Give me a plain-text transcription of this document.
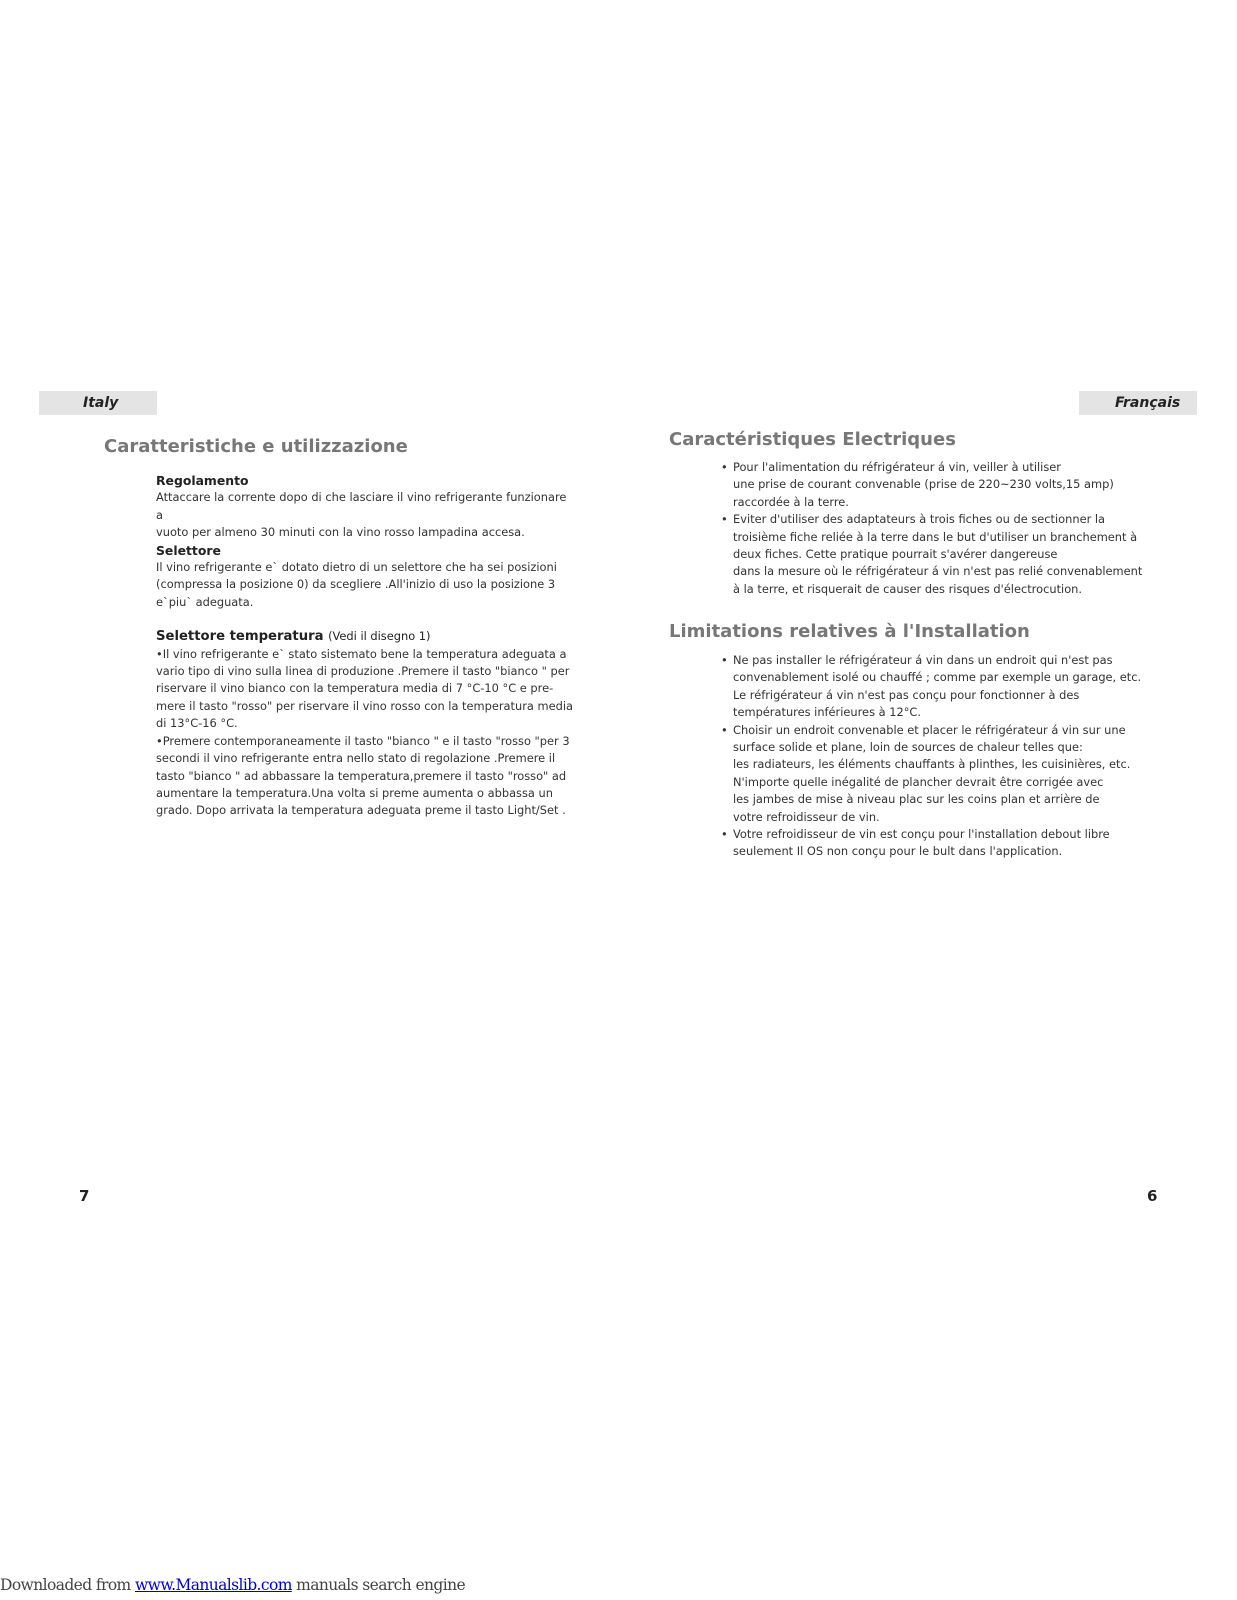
Italy
Caratteristiche e utilizzazione

Regolamento

Attaccare la corrente dopo di che lasciare il vino refrigerante funzionare a

vuoto per almeno 30 minuti con la vino rosso lampadina accesa.

Selettore

Il vino refrigerante e` dotato dietro di un selettore che ha sei posizioni

(compressa la posizione 0) da scegliere .All'inizio di uso la posizione 3

e`piu` adeguata.

Selettore temperatura (Vedi il disegno 1)

•Il vino refrigerante e` stato sistemato bene la temperatura adeguata a

vario tipo di vino sulla linea di produzione .Premere il tasto "bianco " per

riservare il vino bianco con la temperatura media di 7 °C-10 °C e pre-

mere il tasto "rosso" per riservare il vino rosso con la temperatura media

di 13°C-16 °C.

•Premere contemporaneamente il tasto "bianco " e il tasto "rosso "per 3

secondi il vino refrigerante entra nello stato di regolazione .Premere il

tasto "bianco " ad abbassare la temperatura,premere il tasto "rosso" ad

aumentare la temperatura.Una volta si preme aumenta o abbassa un

grado. Dopo arrivata la temperatura adeguata preme il tasto Light/Set .

7
Français
Caractéristiques Electriques

• Pour l'alimentation du réfrigérateur á vin, veiller à utiliser

une prise de courant convenable (prise de 220~230 volts,15 amp)

raccordée à la terre.

• Eviter d'utiliser des adaptateurs à trois fiches ou de sectionner la

troisième fiche reliée à la terre dans le but d'utiliser un branchement à

deux fiches. Cette pratique pourrait s'avérer dangereuse

dans la mesure où le réfrigérateur á vin n'est pas relié convenablement

à la terre, et risquerait de causer des risques d'électrocution.

Limitations relatives à l'Installation

• Ne pas installer le réfrigérateur á vin dans un endroit qui n'est pas

convenablement isolé ou chauffé ; comme par exemple un garage, etc.

Le réfrigérateur á vin n'est pas conçu pour fonctionner à des

températures inférieures à 12°C.

• Choisir un endroit convenable et placer le réfrigérateur á vin sur une

surface solide et plane, loin de sources de chaleur telles que:

les radiateurs, les éléments chauffants à plinthes, les cuisinières, etc.

N'importe quelle inégalité de plancher devrait être corrigée avec

les jambes de mise à niveau plac sur les coins plan et arrière de

votre refroidisseur de vin.

• Votre refroidisseur de vin est conçu pour l'installation debout libre

seulement Il OS non conçu pour le bult dans l'application.

6
Downloaded from www.Manualslib.com manuals search engine
